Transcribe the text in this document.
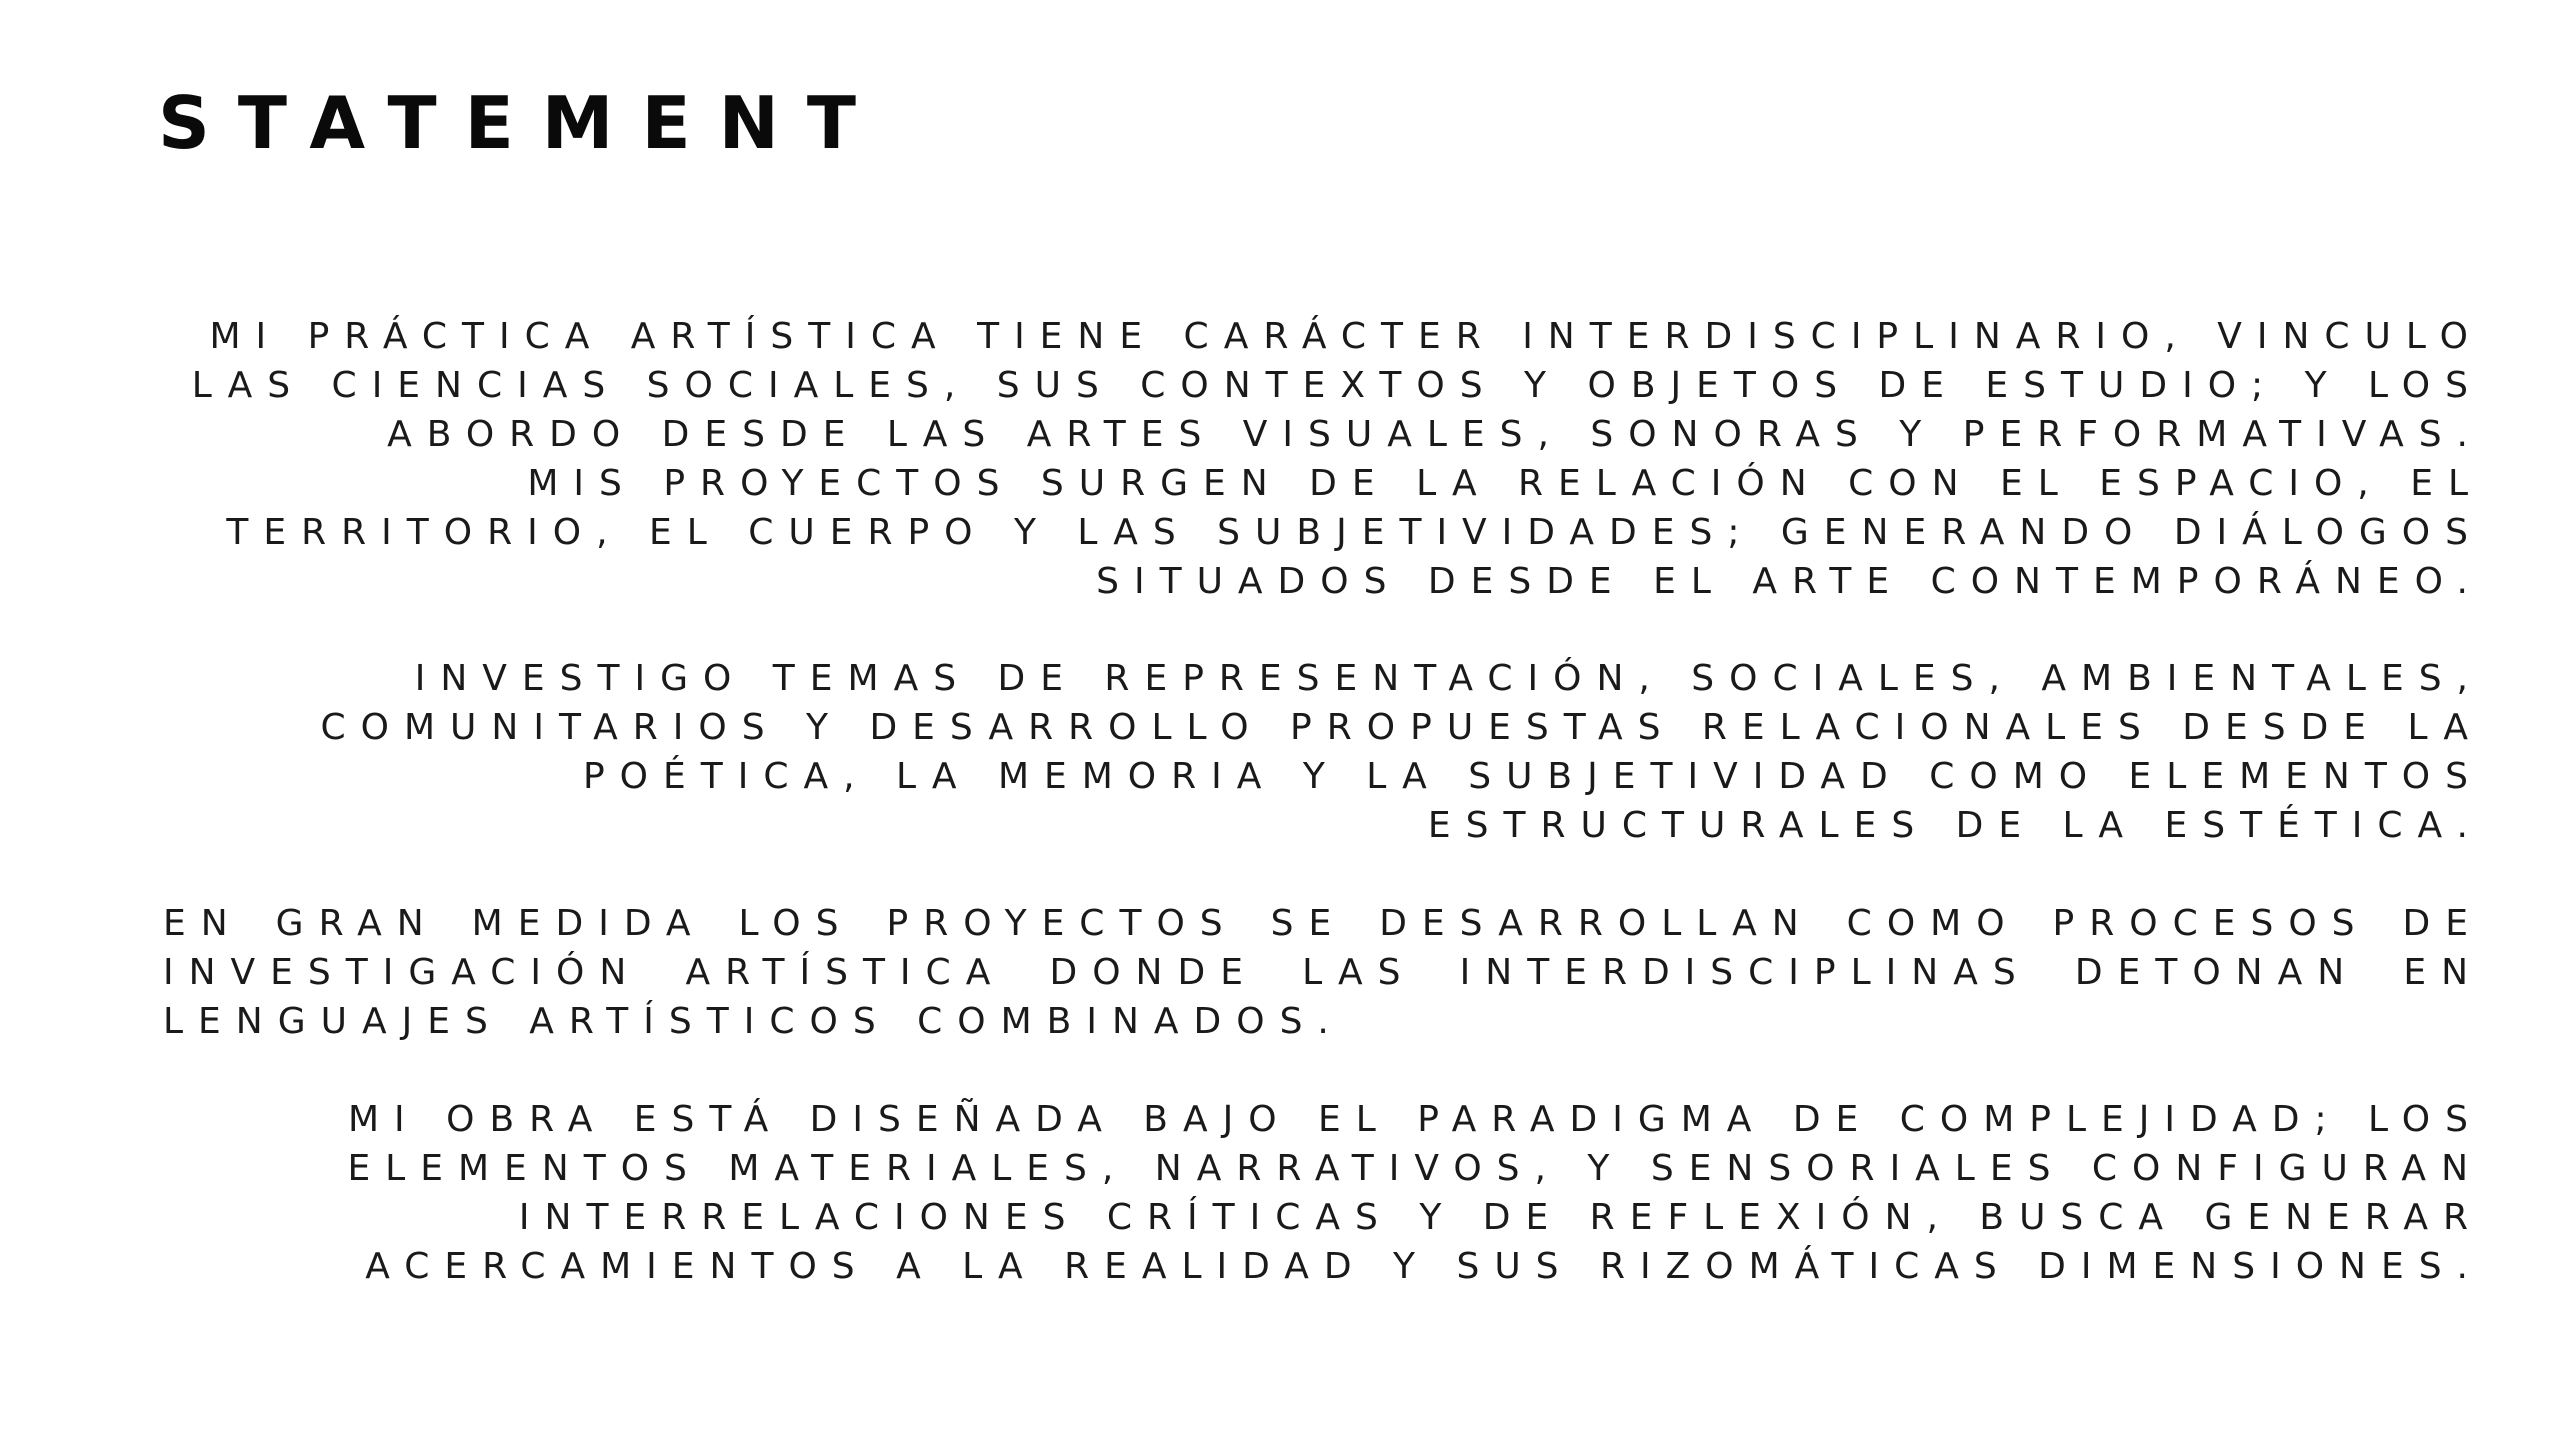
STATEMENT
MI PRÁCTICA ARTÍSTICA TIENE CARÁCTER INTERDISCIPLINARIO, VINCULO
LAS CIENCIAS SOCIALES, SUS CONTEXTOS Y OBJETOS DE ESTUDIO; Y LOS
ABORDO DESDE LAS ARTES VISUALES, SONORAS Y PERFORMATIVAS.
MIS PROYECTOS SURGEN DE LA RELACIÓN CON EL ESPACIO, EL
TERRITORIO, EL CUERPO Y LAS SUBJETIVIDADES; GENERANDO DIÁLOGOS
SITUADOS DESDE EL ARTE CONTEMPORÁNEO.
INVESTIGO TEMAS DE REPRESENTACIÓN, SOCIALES, AMBIENTALES,
COMUNITARIOS Y DESARROLLO PROPUESTAS RELACIONALES DESDE LA
POÉTICA, LA MEMORIA Y LA SUBJETIVIDAD COMO ELEMENTOS
ESTRUCTURALES DE LA ESTÉTICA.
EN GRAN MEDIDA LOS PROYECTOS SE DESARROLLAN COMO PROCESOS DE
INVESTIGACIÓN ARTÍSTICA DONDE LAS INTERDISCIPLINAS DETONAN EN
LENGUAJES ARTÍSTICOS COMBINADOS.
MI OBRA ESTÁ DISEÑADA BAJO EL PARADIGMA DE COMPLEJIDAD; LOS
ELEMENTOS MATERIALES, NARRATIVOS, Y SENSORIALES CONFIGURAN
INTERRELACIONES CRÍTICAS Y DE REFLEXIÓN, BUSCA GENERAR
ACERCAMIENTOS A LA REALIDAD Y SUS RIZOMÁTICAS DIMENSIONES.
